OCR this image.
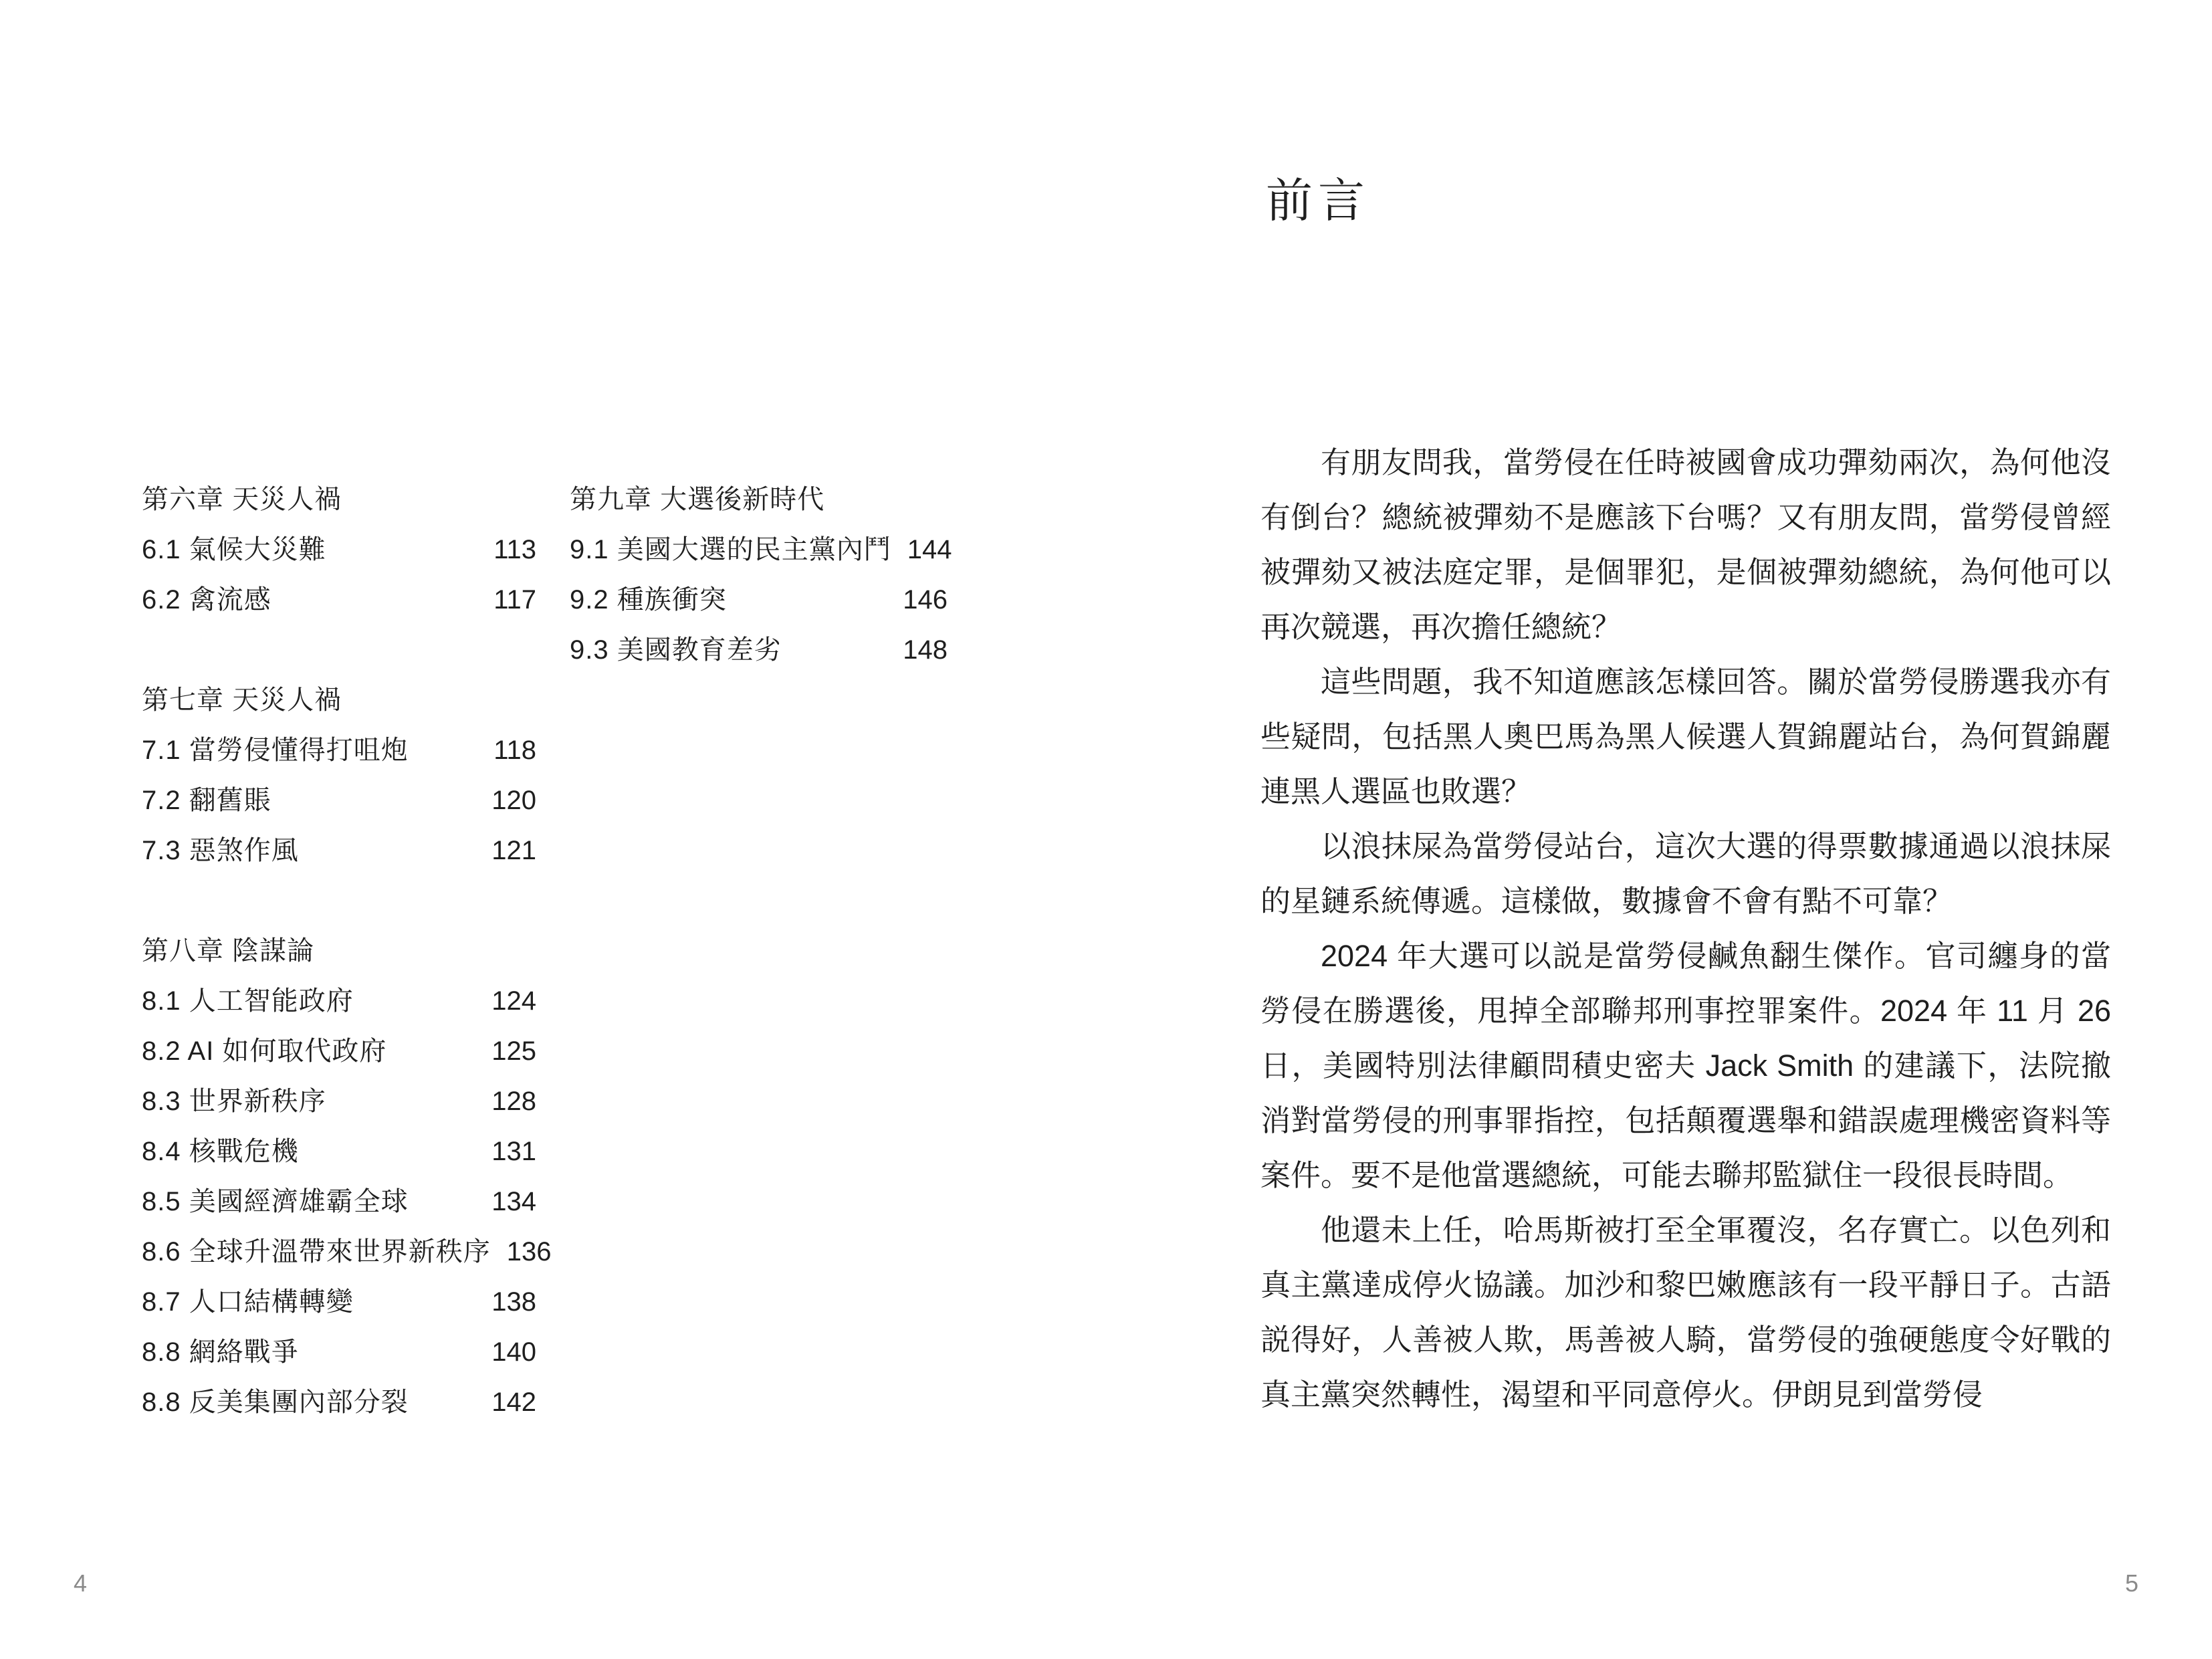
第六章 天災人禍
6.1 氣候大災難	113
6.2 禽流感	117
第七章 天災人禍
7.1 當勞侵懂得打咀炮	118
7.2 翻舊賬	120
7.3 惡煞作風	121
第八章 陰謀論
8.1 人工智能政府	124
8.2 AI 如何取代政府	125
8.3 世界新秩序	128
8.4 核戰危機	131
8.5 美國經濟雄霸全球	134
8.6 全球升溫帶來世界新秩序 136
8.7 人口結構轉變	138
8.8 網絡戰爭	140
8.8 反美集團內部分裂	142
第九章 大選後新時代
9.1 美國大選的民主黨內鬥 144
9.2 種族衝突	146
9.3 美國教育差劣	148
4
前言

有朋友問我，當勞侵在任時被國會成功彈劾兩次，為何他沒有倒台？總統被彈劾不是應該下台嗎？又有朋友問，當勞侵曾經被彈劾又被法庭定罪，是個罪犯，是個被彈劾總統，為何他可以再次競選，再次擔任總統？

這些問題，我不知道應該怎樣回答。關於當勞侵勝選我亦有些疑問，包括黑人奧巴馬為黑人候選人賀錦麗站台，為何賀錦麗連黑人選區也敗選？

以浪抹屎為當勞侵站台，這次大選的得票數據通過以浪抹屎的星鏈系統傳遞。這樣做，數據會不會有點不可靠？

2024 年大選可以説是當勞侵鹹魚翻生傑作。官司纏身的當勞侵在勝選後，甩掉全部聯邦刑事控罪案件。2024 年 11 月 26 日，美國特別法律顧問積史密夫 Jack Smith 的建議下，法院撤消對當勞侵的刑事罪指控，包括顛覆選舉和錯誤處理機密資料等案件。要不是他當選總統，可能去聯邦監獄住一段很長時間。

他還未上任，哈馬斯被打至全軍覆沒，名存實亡。以色列和真主黨達成停火協議。加沙和黎巴嫩應該有一段平靜日子。古語説得好，人善被人欺，馬善被人騎，當勞侵的強硬態度令好戰的真主黨突然轉性，渴望和平同意停火。伊朗見到當勞侵

5
